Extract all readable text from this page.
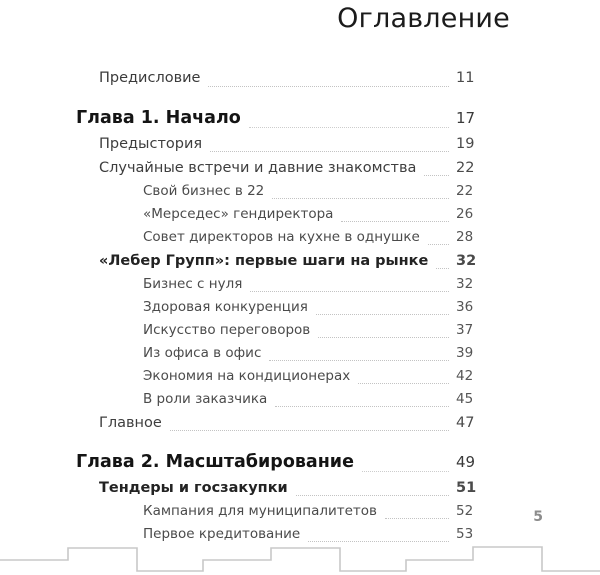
Оглавление
Предисловие	11
Глава 1. Начало	17
Предыстория	19
Случайные встречи и давние знакомства	22
Свой бизнес в 22	22
«Мерседес» гендиректора	26
Совет директоров на кухне в однушке	28
«Лебер Групп»: первые шаги на рынке 32
Бизнес с нуля	32
Здоровая конкуренция	36
Искусство переговоров	37
Из офиса в офис	39
Экономия на кондиционерах	42
В роли заказчика	45
Главное	47
Глава 2. Масштабирование	49
Тендеры и госзакупки	51
Кампания для муниципалитетов	52
Первое кредитование	53
5
